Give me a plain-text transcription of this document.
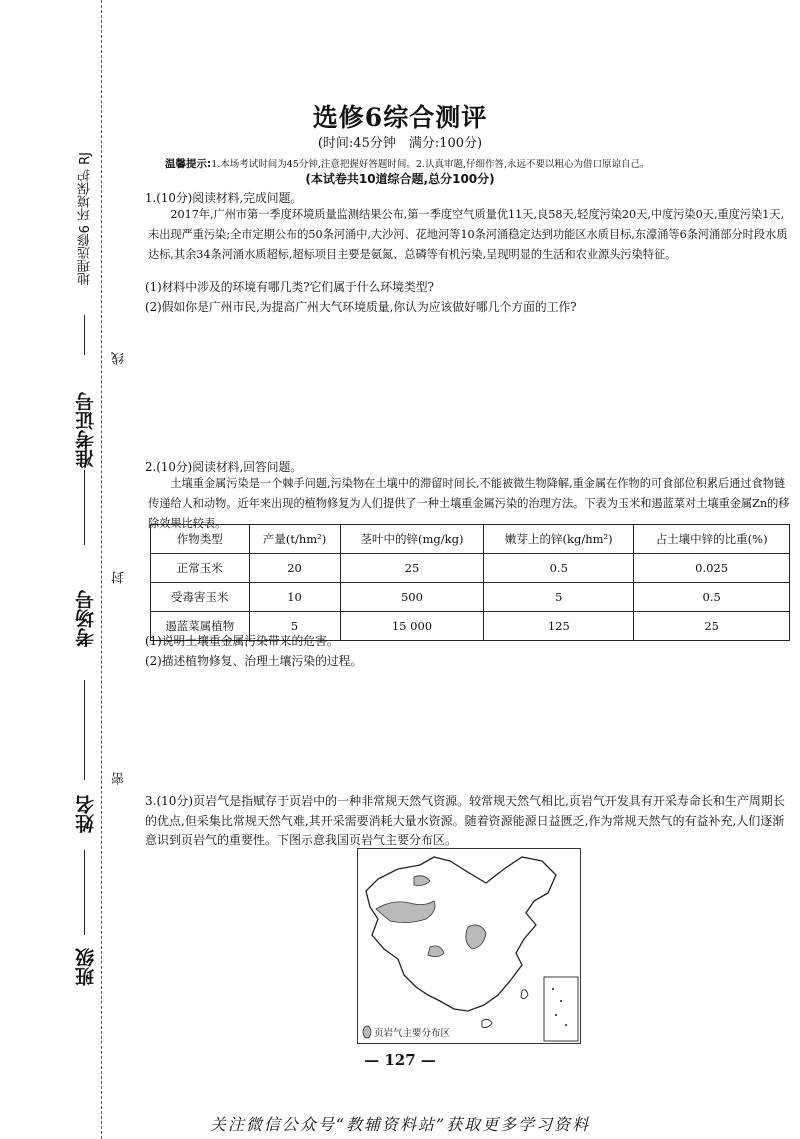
地理选修6 环境保护 RJ
准考证号
考场号
姓名
班级
线
封
密
选修6综合测评
(时间:45分钟　满分:100分)
温馨提示:1.本场考试时间为45分钟,注意把握好答题时间。2.认真审题,仔细作答,永远不要以粗心为借口原谅自己。
(本试卷共10道综合题,总分100分)
1.(10分)阅读材料,完成问题。
2017年,广州市第一季度环境质量监测结果公布,第一季度空气质量优11天,良58天,轻度污染20天,中度污染0天,重度污染1天,未出现严重污染;全市定期公布的50条河涌中,大沙河、花地河等10条河涌稳定达到功能区水质目标,东濠涌等6条河涌部分时段水质达标,其余34条河涌水质超标,超标项目主要是氨氮、总磷等有机污染,呈现明显的生活和农业源头污染特征。
(1)材料中涉及的环境有哪几类?它们属于什么环境类型?
(2)假如你是广州市民,为提高广州大气环境质量,你认为应该做好哪几个方面的工作?
2.(10分)阅读材料,回答问题。
土壤重金属污染是一个棘手问题,污染物在土壤中的滞留时间长,不能被微生物降解,重金属在作物的可食部位积累后通过食物链传递给人和动物。近年来出现的植物修复为人们提供了一种土壤重金属污染的治理方法。下表为玉米和遏蓝菜对土壤重金属Zn的移除效果比较表。
作物类型	产量(t/hm²)	茎叶中的锌(mg/kg)	嫩芽上的锌(kg/hm²)	占土壤中锌的比重(%)
正常玉米	20	25	0.5	0.025
受毒害玉米	10	500	5	0.5
遏蓝菜属植物	5	15 000	125	25
(1)说明土壤重金属污染带来的危害。
(2)描述植物修复、治理土壤污染的过程。
3.(10分)页岩气是指赋存于页岩中的一种非常规天然气资源。较常规天然气相比,页岩气开发具有开采寿命长和生产周期长的优点,但采集比常规天然气难,其开采需要消耗大量水资源。随着资源能源日益匮乏,作为常规天然气的有益补充,人们逐渐意识到页岩气的重要性。下图示意我国页岩气主要分布区。
页岩气主要分布区
— 127 —
关注微信公众号“教辅资料站”获取更多学习资料
